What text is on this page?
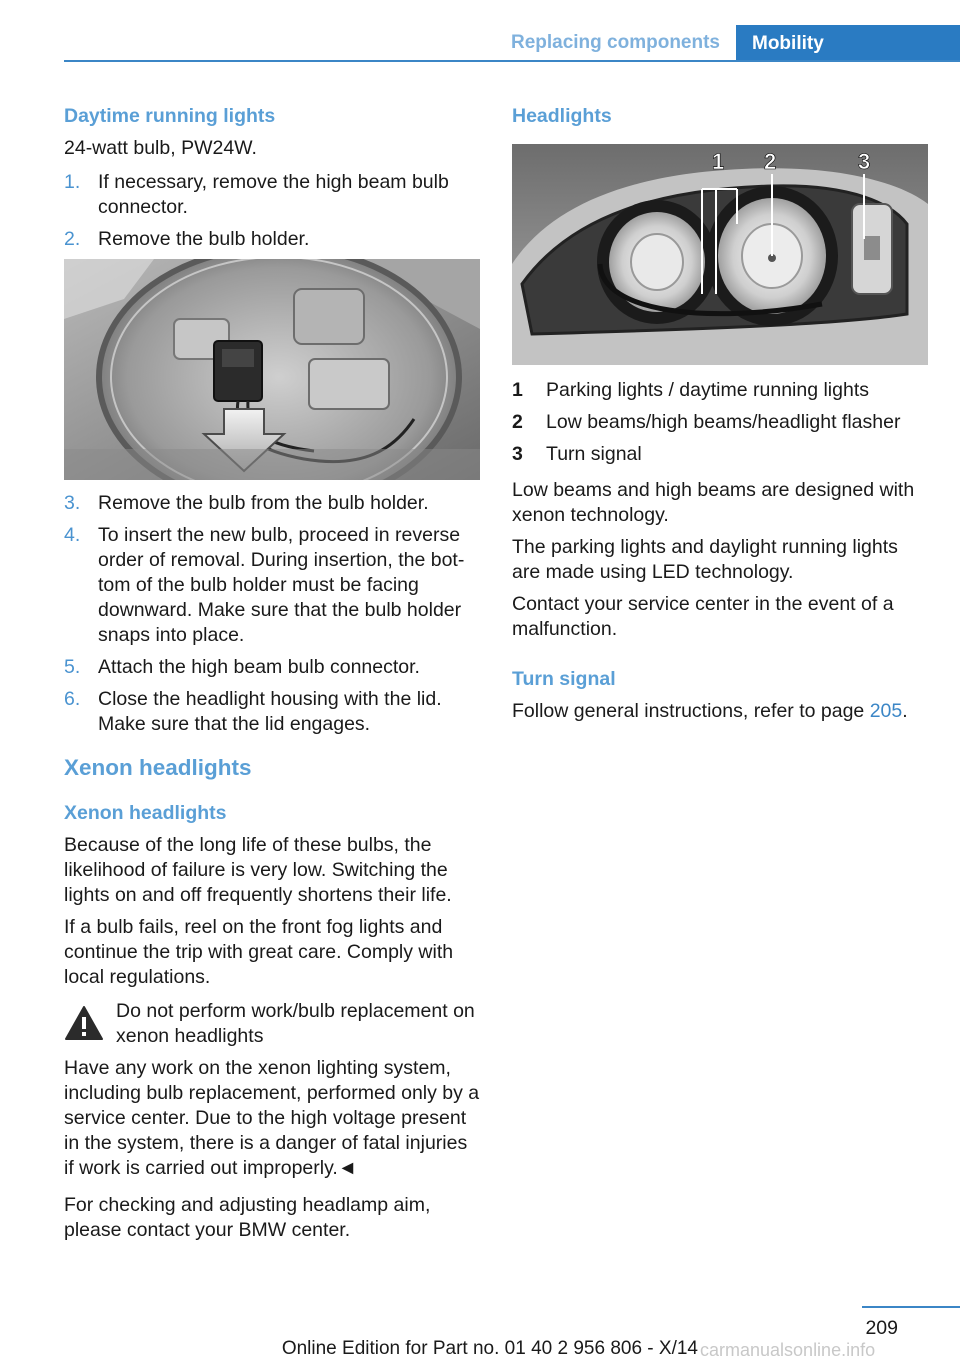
Replacing components	Mobility
Daytime running lights

24-watt bulb, PW24W.

1. If necessary, remove the high beam bulb connector.
2. Remove the bulb holder.
3. Remove the bulb from the bulb holder.
4. To insert the new bulb, proceed in reverse order of removal. During insertion, the bottom of the bulb holder must be facing downward. Make sure that the bulb holder snaps into place.
5. Attach the high beam bulb connector.
6. Close the headlight housing with the lid. Make sure that the lid engages.
Xenon headlights
Xenon headlights

Because of the long life of these bulbs, the likelihood of failure is very low. Switching the lights on and off frequently shortens their life.

If a bulb fails, reel on the front fog lights and continue the trip with great care. Comply with local regulations.

Do not perform work/bulb replacement on xenon headlights

Have any work on the xenon lighting system, including bulb replacement, performed only by a service center. Due to the high voltage present in the system, there is a danger of fatal injuries if work is carried out improperly.◄

For checking and adjusting headlamp aim, please contact your BMW center.

Headlights
1 2	3
1	Parking lights / daytime running lights
2	Low beams/high beams/headlight flasher
3	Turn signal

Low beams and high beams are designed with xenon technology.

The parking lights and daylight running lights are made using LED technology.

Contact your service center in the event of a malfunction.

Turn signal

Follow general instructions, refer to page 205.

209
Online Edition for Part no. 01 40 2 956 806 - X/14 carmanualsonline.info
